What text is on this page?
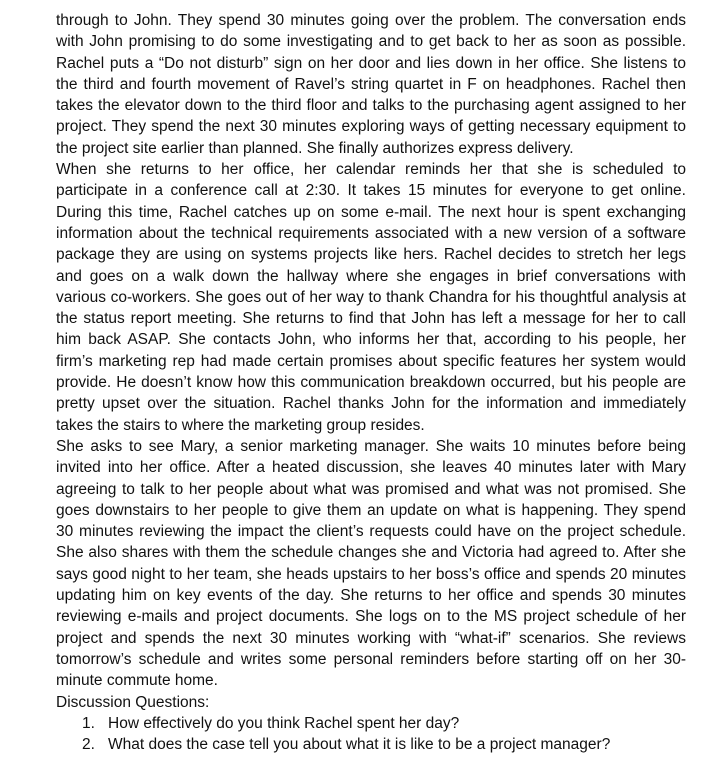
through to John. They spend 30 minutes going over the problem. The conversation ends with John promising to do some investigating and to get back to her as soon as possible. Rachel puts a “Do not disturb” sign on her door and lies down in her office. She listens to the third and fourth movement of Ravel’s string quartet in F on headphones. Rachel then takes the elevator down to the third floor and talks to the purchasing agent assigned to her project. They spend the next 30 minutes exploring ways of getting necessary equipment to the project site earlier than planned. She finally authorizes express delivery.

When she returns to her office, her calendar reminds her that she is scheduled to participate in a conference call at 2:30. It takes 15 minutes for everyone to get online. During this time, Rachel catches up on some e-mail. The next hour is spent exchanging information about the technical requirements associated with a new version of a software package they are using on systems projects like hers. Rachel decides to stretch her legs and goes on a walk down the hallway where she engages in brief conversations with various co-workers. She goes out of her way to thank Chandra for his thoughtful analysis at the status report meeting. She returns to find that John has left a message for her to call him back ASAP. She contacts John, who informs her that, according to his people, her firm’s marketing rep had made certain promises about specific features her system would provide. He doesn’t know how this communication breakdown occurred, but his people are pretty upset over the situation. Rachel thanks John for the information and immediately takes the stairs to where the marketing group resides.

She asks to see Mary, a senior marketing manager. She waits 10 minutes before being invited into her office. After a heated discussion, she leaves 40 minutes later with Mary agreeing to talk to her people about what was promised and what was not promised. She goes downstairs to her people to give them an update on what is happening. They spend 30 minutes reviewing the impact the client’s requests could have on the project schedule. She also shares with them the schedule changes she and Victoria had agreed to. After she says good night to her team, she heads upstairs to her boss’s office and spends 20 minutes updating him on key events of the day. She returns to her office and spends 30 minutes reviewing e-mails and project documents. She logs on to the MS project schedule of her project and spends the next 30 minutes working with “what-if” scenarios. She reviews tomorrow’s schedule and writes some personal reminders before starting off on her 30-minute commute home.

Discussion Questions:

1. How effectively do you think Rachel spent her day?
2. What does the case tell you about what it is like to be a project manager?
